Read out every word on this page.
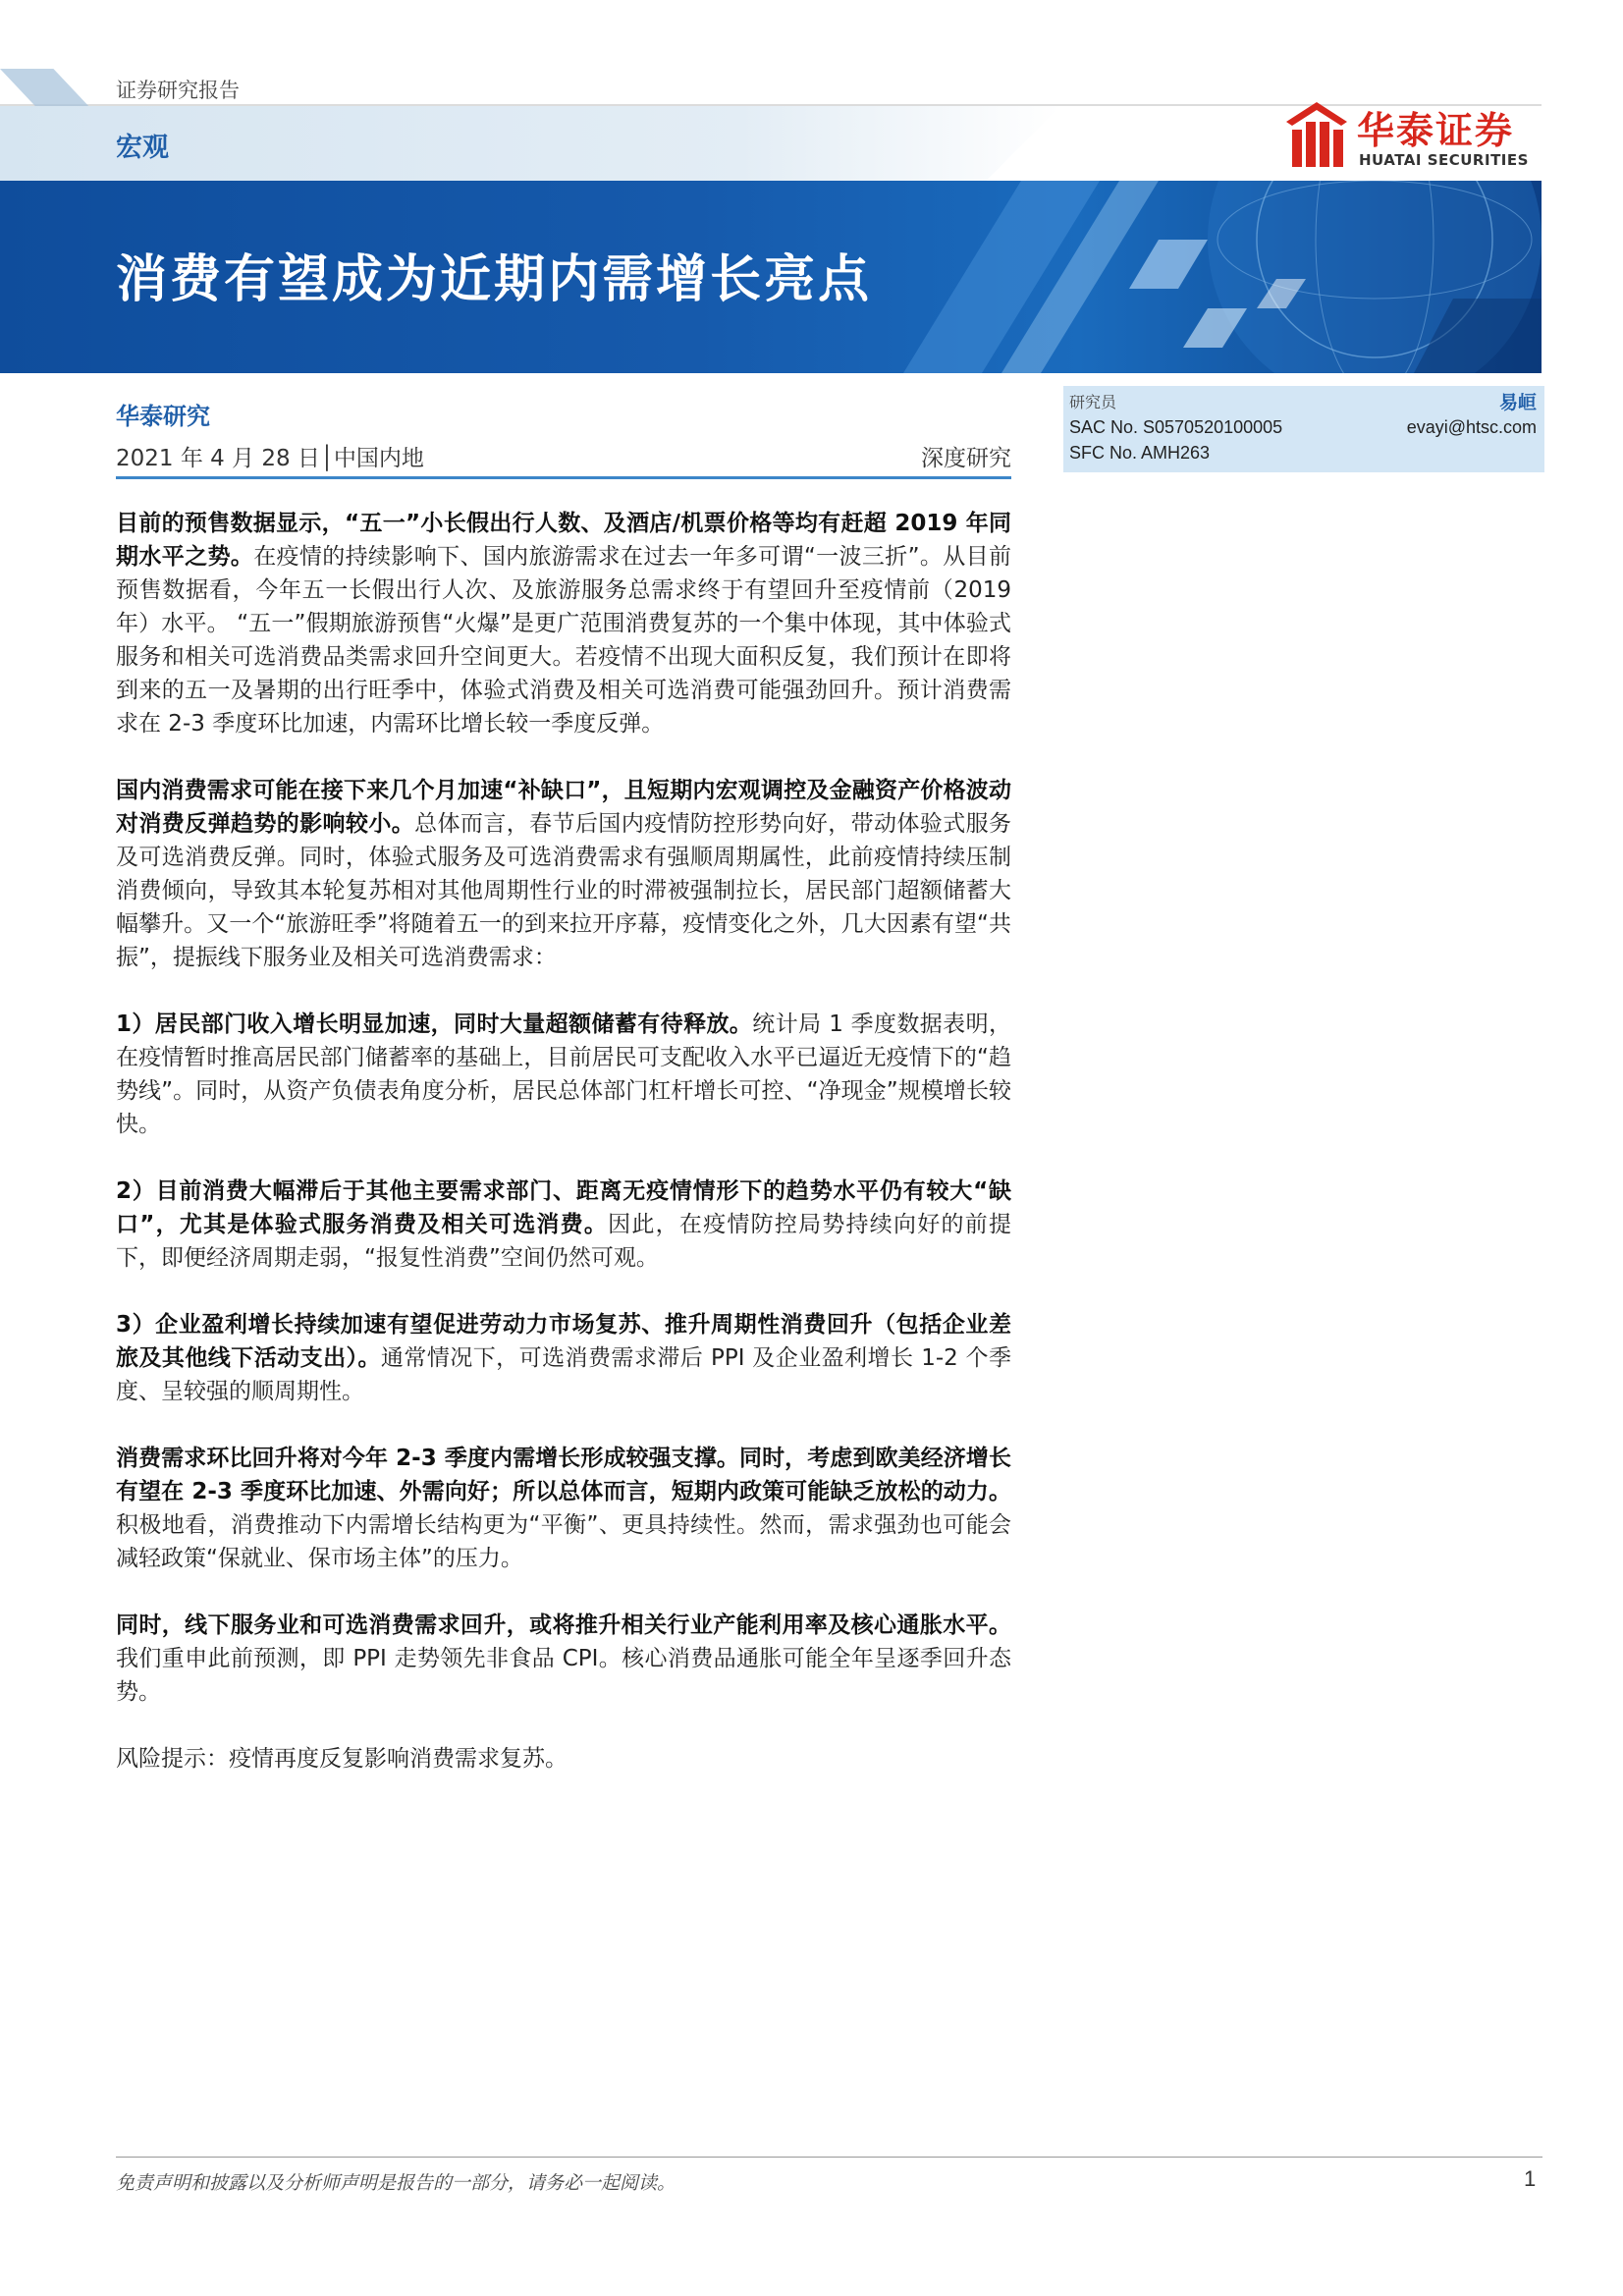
证券研究报告
宏观	华泰证券
HUATAI SECURITIES
消费有望成为近期内需增长亮点
华泰研究
2021 年 4 月 28 日│中国内地	深度研究
研究员	易峘
SAC No. S0570520100005	evayi@htsc.com
SFC No. AMH263

目前的预售数据显示，“五一”小长假出行人数、及酒店/机票价格等均有赶超 2019 年同期水平之势。在疫情的持续影响下、国内旅游需求在过去一年多可谓“一波三折”。从目前预售数据看，今年五一长假出行人次、及旅游服务总需求终于有望回升至疫情前（2019 年）水平。 “五一”假期旅游预售“火爆”是更广范围消费复苏的一个集中体现，其中体验式服务和相关可选消费品类需求回升空间更大。若疫情不出现大面积反复，我们预计在即将到来的五一及暑期的出行旺季中，体验式消费及相关可选消费可能强劲回升。预计消费需求在 2-3 季度环比加速，内需环比增长较一季度反弹。

国内消费需求可能在接下来几个月加速“补缺口”，且短期内宏观调控及金融资产价格波动对消费反弹趋势的影响较小。总体而言，春节后国内疫情防控形势向好，带动体验式服务及可选消费反弹。同时，体验式服务及可选消费需求有强顺周期属性，此前疫情持续压制消费倾向，导致其本轮复苏相对其他周期性行业的时滞被强制拉长，居民部门超额储蓄大幅攀升。又一个“旅游旺季”将随着五一的到来拉开序幕，疫情变化之外，几大因素有望“共振”，提振线下服务业及相关可选消费需求：

1）居民部门收入增长明显加速，同时大量超额储蓄有待释放。统计局 1 季度数据表明，在疫情暂时推高居民部门储蓄率的基础上，目前居民可支配收入水平已逼近无疫情下的“趋势线”。同时，从资产负债表角度分析，居民总体部门杠杆增长可控、“净现金”规模增长较快。

2）目前消费大幅滞后于其他主要需求部门、距离无疫情情形下的趋势水平仍有较大“缺口”，尤其是体验式服务消费及相关可选消费。因此，在疫情防控局势持续向好的前提下，即便经济周期走弱，“报复性消费”空间仍然可观。

3）企业盈利增长持续加速有望促进劳动力市场复苏、推升周期性消费回升（包括企业差旅及其他线下活动支出）。通常情况下，可选消费需求滞后 PPI 及企业盈利增长 1-2 个季度、呈较强的顺周期性。

消费需求环比回升将对今年 2-3 季度内需增长形成较强支撑。同时，考虑到欧美经济增长有望在 2-3 季度环比加速、外需向好；所以总体而言，短期内政策可能缺乏放松的动力。积极地看，消费推动下内需增长结构更为“平衡”、更具持续性。然而，需求强劲也可能会减轻政策“保就业、保市场主体”的压力。

同时，线下服务业和可选消费需求回升，或将推升相关行业产能利用率及核心通胀水平。我们重申此前预测，即 PPI 走势领先非食品 CPI。核心消费品通胀可能全年呈逐季回升态势。

风险提示：疫情再度反复影响消费需求复苏。

免责声明和披露以及分析师声明是报告的一部分，请务必一起阅读。	1
